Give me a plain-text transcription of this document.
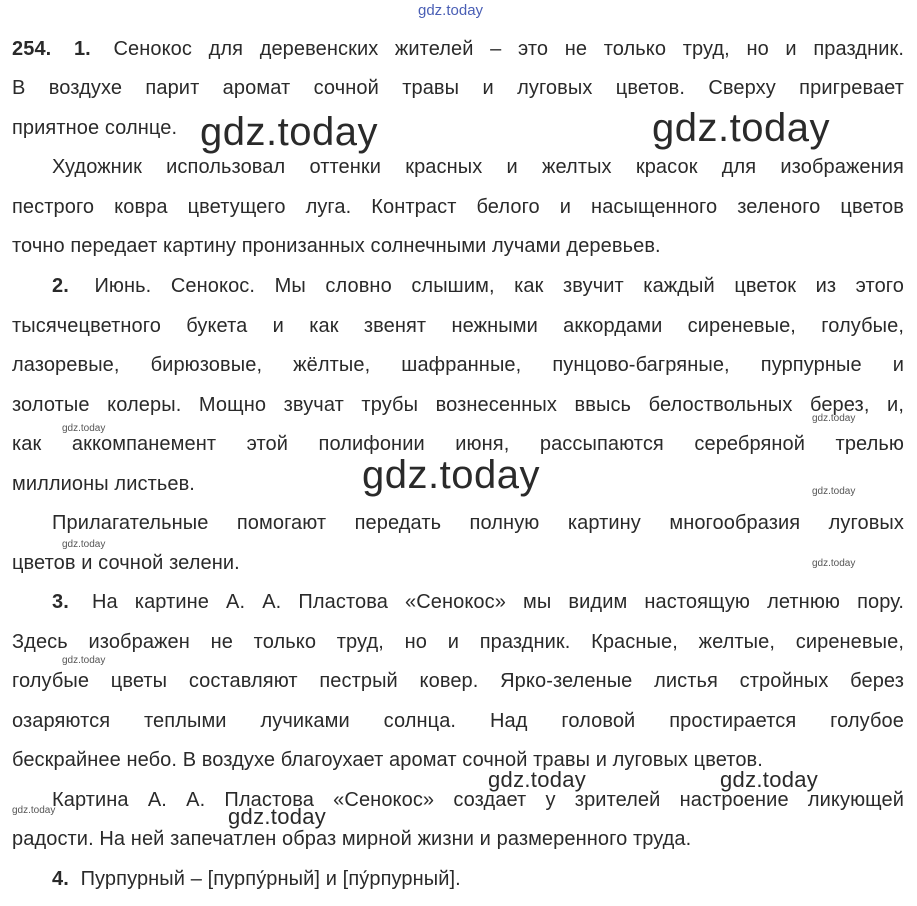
gdz.today
254. 1. Сенокос для деревенских жителей – это не только труд, но и праздник.
В воздухе парит аромат сочной травы и луговых цветов. Сверху пригревает
приятное солнце.
Художник использовал оттенки красных и желтых красок для изображения
пестрого ковра цветущего луга. Контраст белого и насыщенного зеленого цветов
точно передает картину пронизанных солнечными лучами деревьев.
2. Июнь. Сенокос. Мы словно слышим, как звучит каждый цветок из этого
тысячецветного букета и как звенят нежными аккордами сиреневые, голубые,
лазоревые, бирюзовые, жёлтые, шафранные, пунцово-багряные, пурпурные и
золотые колеры. Мощно звучат трубы вознесенных ввысь белоствольных берез, и,
как аккомпанемент этой полифонии июня, рассыпаются серебряной трелью
миллионы листьев.
Прилагательные помогают передать полную картину многообразия луговых
цветов и сочной зелени.
3. На картине А. А. Пластова «Сенокос» мы видим настоящую летнюю пору.
Здесь изображен не только труд, но и праздник. Красные, желтые, сиреневые,
голубые цветы составляют пестрый ковер. Ярко-зеленые листья стройных берез
озаряются теплыми лучиками солнца. Над головой простирается голубое
бескрайнее небо. В воздухе благоухает аромат сочной травы и луговых цветов.
Картина А. А. Пластова «Сенокос» создает у зрителей настроение ликующей
радости. На ней запечатлен образ мирной жизни и размеренного труда.
4. Пурпурный – [пурпу́рный] и [пу́рпурный].
gdz.today	gdz.today
gdz.today
gdz.today	gdz.today
gdz.today
gdz.today
gdz.today
gdz.today
gdz.today
gdz.today
gdz.today
gdz.today
